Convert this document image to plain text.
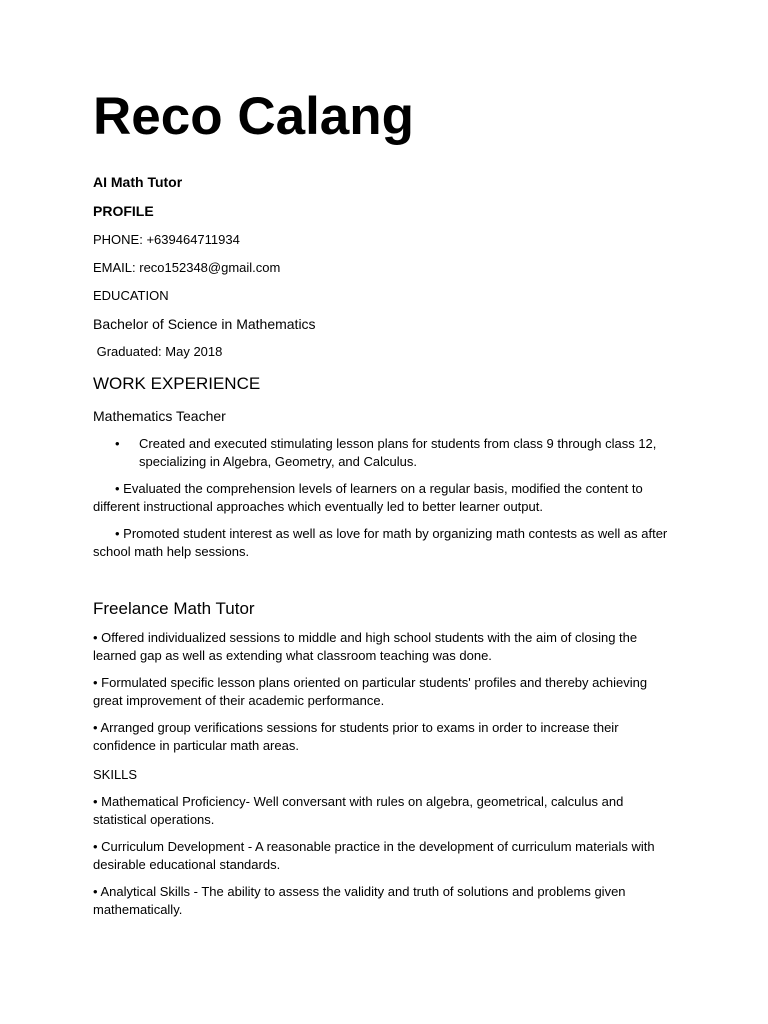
Reco Calang

AI Math Tutor

PROFILE

PHONE: +639464711934

EMAIL: reco152348@gmail.com

EDUCATION

Bachelor of Science in Mathematics

Graduated: May 2018

WORK EXPERIENCE

Mathematics Teacher

•	Created and executed stimulating lesson plans for students from class 9 through class 12, specializing in Algebra, Geometry, and Calculus.

• Evaluated the comprehension levels of learners on a regular basis, modified the content to different instructional approaches which eventually led to better learner output.

• Promoted student interest as well as love for math by organizing math contests as well as after school math help sessions.

Freelance Math Tutor

• Offered individualized sessions to middle and high school students with the aim of closing the learned gap as well as extending what classroom teaching was done.

• Formulated specific lesson plans oriented on particular students' profiles and thereby achieving great improvement of their academic performance.

• Arranged group verifications sessions for students prior to exams in order to increase their confidence in particular math areas.

SKILLS

• Mathematical Proficiency- Well conversant with rules on algebra, geometrical, calculus and statistical operations.

• Curriculum Development - A reasonable practice in the development of curriculum materials with desirable educational standards.

• Analytical Skills - The ability to assess the validity and truth of solutions and problems given mathematically.
